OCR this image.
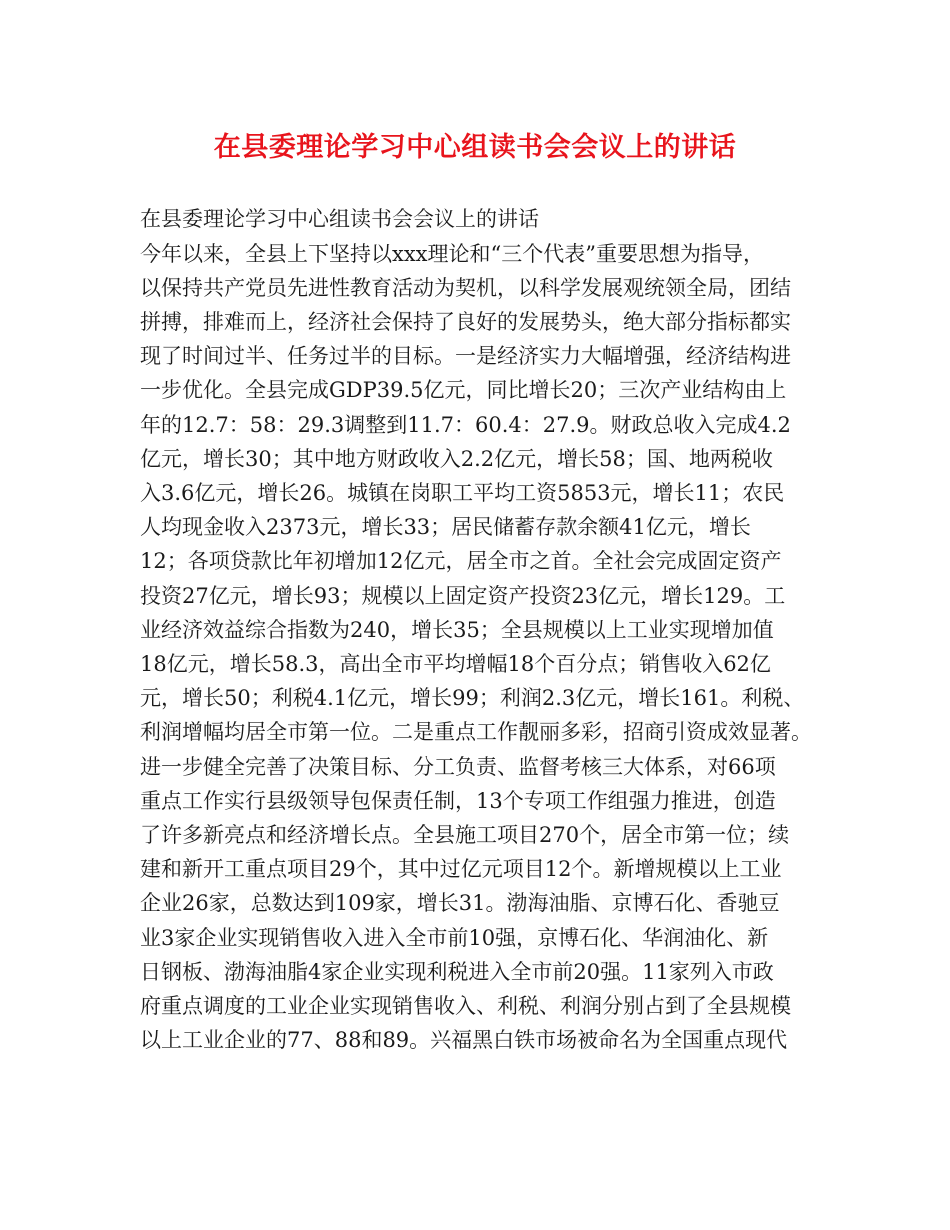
在县委理论学习中心组读书会会议上的讲话
在县委理论学习中心组读书会会议上的讲话
今年以来，全县上下坚持以xxx理论和“三个代表”重要思想为指导，
以保持共产党员先进性教育活动为契机，以科学发展观统领全局，团结
拼搏，排难而上，经济社会保持了良好的发展势头，绝大部分指标都实
现了时间过半、任务过半的目标。一是经济实力大幅增强，经济结构进
一步优化。全县完成GDP39.5亿元，同比增长20；三次产业结构由上
年的12.7：58：29.3调整到11.7：60.4：27.9。财政总收入完成4.2
亿元，增长30；其中地方财政收入2.2亿元，增长58；国、地两税收
入3.6亿元，增长26。城镇在岗职工平均工资5853元，增长11；农民
人均现金收入2373元，增长33；居民储蓄存款余额41亿元，增长
12；各项贷款比年初增加12亿元，居全市之首。全社会完成固定资产
投资27亿元，增长93；规模以上固定资产投资23亿元，增长129。工
业经济效益综合指数为240，增长35；全县规模以上工业实现增加值
18亿元，增长58.3，高出全市平均增幅18个百分点；销售收入62亿
元，增长50；利税4.1亿元，增长99；利润2.3亿元，增长161。利税、
利润增幅均居全市第一位。二是重点工作靓丽多彩，招商引资成效显著。
进一步健全完善了决策目标、分工负责、监督考核三大体系，对66项
重点工作实行县级领导包保责任制，13个专项工作组强力推进，创造
了许多新亮点和经济增长点。全县施工项目270个，居全市第一位；续
建和新开工重点项目29个，其中过亿元项目12个。新增规模以上工业
企业26家，总数达到109家，增长31。渤海油脂、京博石化、香驰豆
业3家企业实现销售收入进入全市前10强，京博石化、华润油化、新
日钢板、渤海油脂4家企业实现利税进入全市前20强。11家列入市政
府重点调度的工业企业实现销售收入、利税、利润分别占到了全县规模
以上工业企业的77、88和89。兴福黑白铁市场被命名为全国重点现代
